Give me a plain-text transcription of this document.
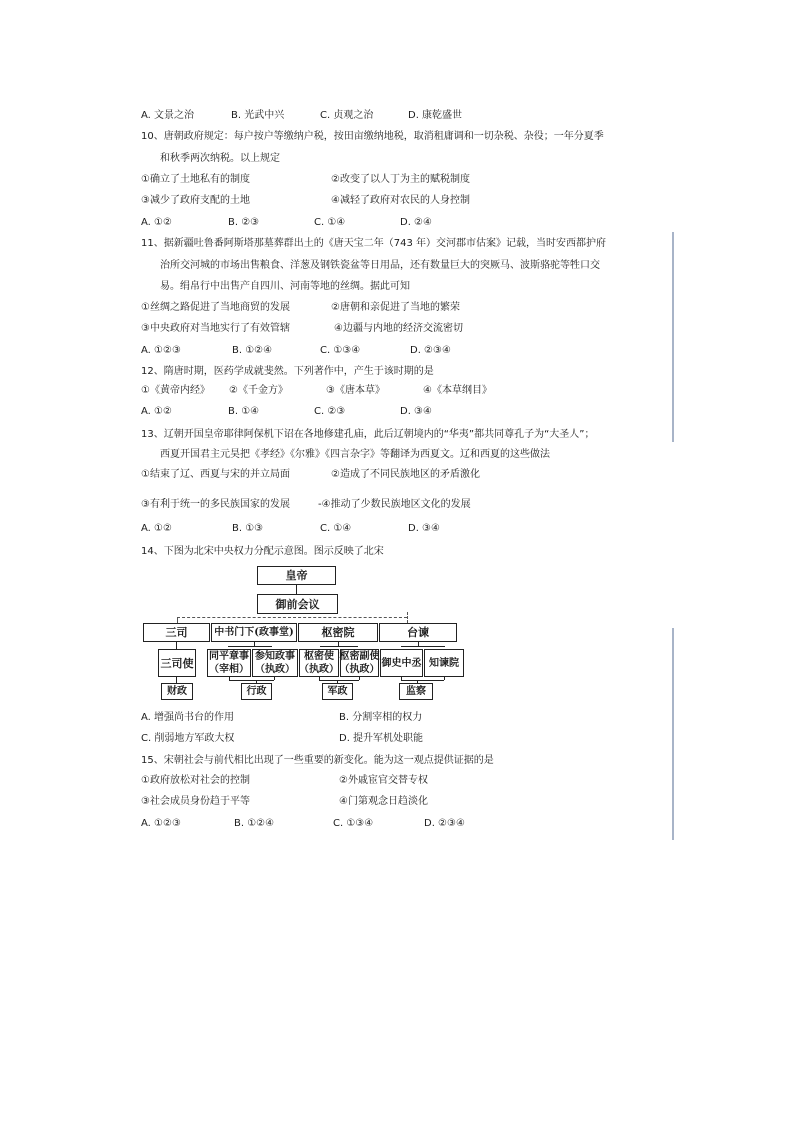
A. 文景之治	B. 光武中兴	C. 贞观之治	D. 康乾盛世
10、唐朝政府规定：每户按户等缴纳户税，按田亩缴纳地税，取消租庸调和一切杂税、杂役；一年分夏季
和秋季两次纳税。以上规定
①确立了土地私有的制度	②改变了以人丁为主的赋税制度
③减少了政府支配的土地	④减轻了政府对农民的人身控制
A. ①②	B. ②③	C. ①④	D. ②④
11、据新疆吐鲁番阿斯塔那墓葬群出土的《唐天宝二年（743 年）交河郡市估案》记载，当时安西都护府
治所交河城的市场出售粮食、洋葱及钢铁瓷盆等日用品，还有数量巨大的突厥马、波斯骆驼等牲口交
易。绢帛行中出售产自四川、河南等地的丝绸。据此可知
①丝绸之路促进了当地商贸的发展	②唐朝和亲促进了当地的繁荣
③中央政府对当地实行了有效管辖	④边疆与内地的经济交流密切
A. ①②③	B. ①②④	C. ①③④	D. ②③④
12、隋唐时期，医药学成就斐然。下列著作中，产生于该时期的是
①《黄帝内经》 ②《千金方》	③《唐本草》	④《本草纲目》
A. ①②	B. ①④	C. ②③	D. ③④
13、辽朝开国皇帝耶律阿保机下诏在各地修建孔庙，此后辽朝境内的“华夷”都共同尊孔子为“大圣人”；
西夏开国君主元昊把《孝经》《尔雅》《四言杂字》等翻译为西夏文。辽和西夏的这些做法
①结束了辽、西夏与宋的并立局面	②造成了不同民族地区的矛盾激化
③有利于统一的多民族国家的发展	-④推动了少数民族地区文化的发展
A. ①②	B. ①③	C. ①④	D. ③④
14、下图为北宋中央权力分配示意图。图示反映了北宋
皇帝
御前会议
三司	中书门下(政事堂)	枢密院	台谏
三司使 同平章事
（宰相）
参知政事
（执政）
枢密使
（执政）
枢密副使
（执政）
御史中丞 知谏院
财政	行政	军政	监察
A. 增强尚书台的作用	B. 分割宰相的权力
C. 削弱地方军政大权	D. 提升军机处职能
15、宋朝社会与前代相比出现了一些重要的新变化。能为这一观点提供证据的是
①政府放松对社会的控制	②外戚宦官交替专权
③社会成员身份趋于平等	④门第观念日趋淡化
A. ①②③	B. ①②④	C. ①③④	D. ②③④
